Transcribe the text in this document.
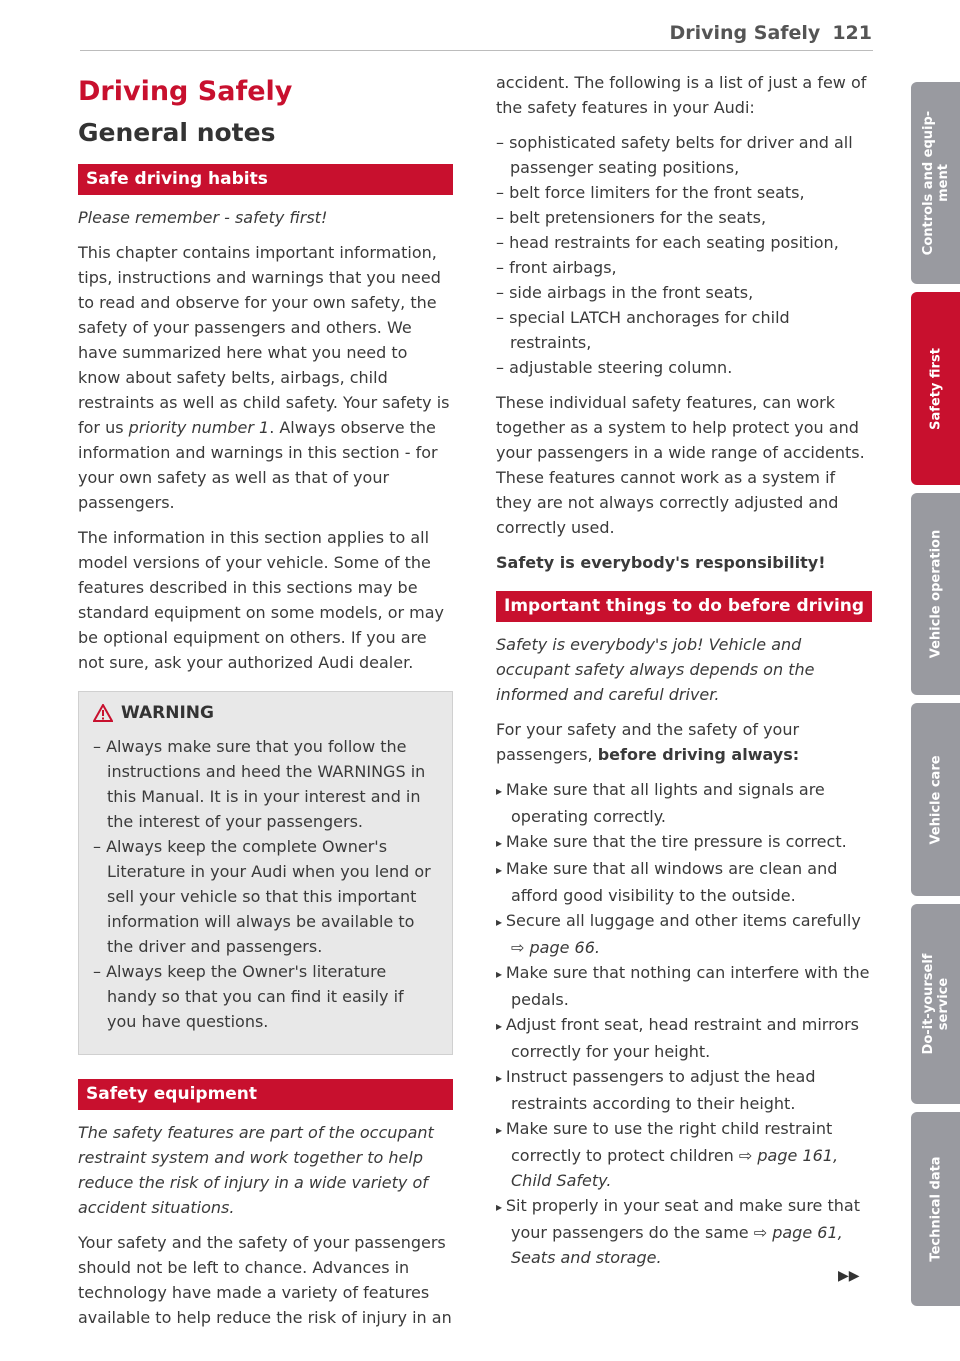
Driving Safely 121
Driving Safely
General notes
Safe driving habits

Please remember - safety first!

This chapter contains important information, tips, instructions and warnings that you need to read and observe for your own safety, the safety of your passengers and others. We have summarized here what you need to know about safety belts, airbags, child restraints as well as child safety. Your safety is for us priority number 1. Always observe the information and warnings in this section - for your own safety as well as that of your passengers.

The information in this section applies to all model versions of your vehicle. Some of the features described in this sections may be standard equipment on some models, or may be optional equipment on others. If you are not sure, ask your authorized Audi dealer.

WARNING
– Always make sure that you follow the instructions and heed the WARNINGS in this Manual. It is in your interest and in the interest of your passengers.
– Always keep the complete Owner's Literature in your Audi when you lend or sell your vehicle so that this important information will always be available to the driver and passengers.
– Always keep the Owner's literature handy so that you can find it easily if you have questions.
Safety equipment

The safety features are part of the occupant restraint system and work together to help reduce the risk of injury in a wide variety of accident situations.

Your safety and the safety of your passengers should not be left to chance. Advances in technology have made a variety of features available to help reduce the risk of injury in an

accident. The following is a list of just a few of the safety features in your Audi:

– sophisticated safety belts for driver and all passenger seating positions,
– belt force limiters for the front seats,
– belt pretensioners for the seats,
– head restraints for each seating position,
– front airbags,
– side airbags in the front seats,
– special LATCH anchorages for child restraints,
– adjustable steering column.

These individual safety features, can work together as a system to help protect you and your passengers in a wide range of accidents. These features cannot work as a system if they are not always correctly adjusted and correctly used.

Safety is everybody's responsibility!

Important things to do before driving

Safety is everybody's job! Vehicle and occupant safety always depends on the informed and careful driver.

For your safety and the safety of your passengers, before driving always:

▸ Make sure that all lights and signals are operating correctly.
▸ Make sure that the tire pressure is correct.
▸ Make sure that all windows are clean and afford good visibility to the outside.
▸ Secure all luggage and other items carefully ⇨ page 66.
▸ Make sure that nothing can interfere with the pedals.
▸ Adjust front seat, head restraint and mirrors correctly for your height.
▸ Instruct passengers to adjust the head restraints according to their height.
▸ Make sure to use the right child restraint correctly to protect children ⇨ page 161, Child Safety.
▸ Sit properly in your seat and make sure that your passengers do the same ⇨ page 61, Seats and storage.
▶▶
Controls and equip-
ment
Safety first
Vehicle operation
Vehicle care
Do-it-yourself
service
Technical data
